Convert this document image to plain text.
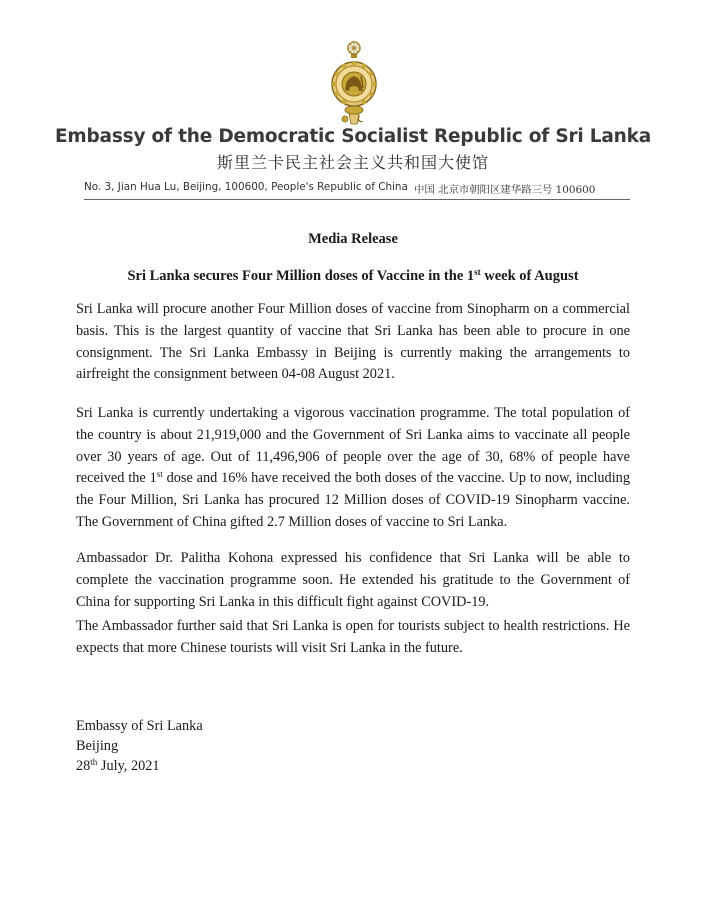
Embassy of the Democratic Socialist Republic of Sri Lanka
斯里兰卡民主社会主义共和国大使馆
No. 3, Jian Hua Lu, Beijing, 100600, People's Republic of China 中国 北京市朝阳区建华路三号 100600
Media Release
Sri Lanka secures Four Million doses of Vaccine in the 1st week of August

Sri Lanka will procure another Four Million doses of vaccine from Sinopharm on a commercial basis. This is the largest quantity of vaccine that Sri Lanka has been able to procure in one consignment. The Sri Lanka Embassy in Beijing is currently making the arrangements to airfreight the consignment between 04-08 August 2021.

Sri Lanka is currently undertaking a vigorous vaccination programme. The total population of the country is about 21,919,000 and the Government of Sri Lanka aims to vaccinate all people over 30 years of age. Out of 11,496,906 of people over the age of 30, 68% of people have received the 1st dose and 16% have received the both doses of the vaccine. Up to now, including the Four Million, Sri Lanka has procured 12 Million doses of COVID-19 Sinopharm vaccine. The Government of China gifted 2.7 Million doses of vaccine to Sri Lanka.

Ambassador Dr. Palitha Kohona expressed his confidence that Sri Lanka will be able to complete the vaccination programme soon. He extended his gratitude to the Government of China for supporting Sri Lanka in this difficult fight against COVID-19.

The Ambassador further said that Sri Lanka is open for tourists subject to health restrictions. He expects that more Chinese tourists will visit Sri Lanka in the future.

Embassy of Sri Lanka
Beijing
28th July, 2021
